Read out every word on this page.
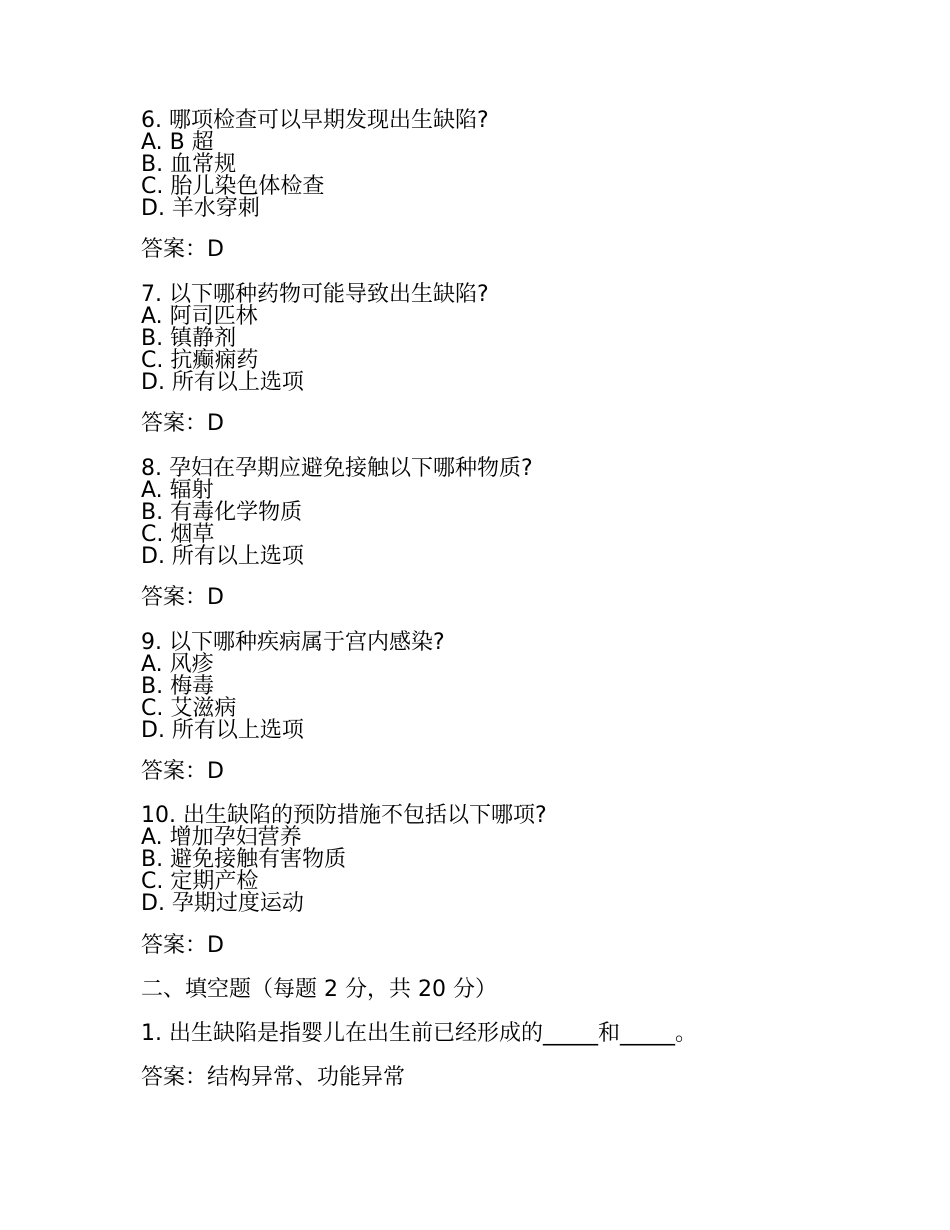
6. 哪项检查可以早期发现出生缺陷?
A. B 超
B. 血常规
C. 胎儿染色体检查
D. 羊水穿刺
答案：D
7. 以下哪种药物可能导致出生缺陷?
A. 阿司匹林
B. 镇静剂
C. 抗癫痫药
D. 所有以上选项
答案：D
8. 孕妇在孕期应避免接触以下哪种物质?
A. 辐射
B. 有毒化学物质
C. 烟草
D. 所有以上选项
答案：D
9. 以下哪种疾病属于宫内感染?
A. 风疹
B. 梅毒
C. 艾滋病
D. 所有以上选项
答案：D
10. 出生缺陷的预防措施不包括以下哪项?
A. 增加孕妇营养
B. 避免接触有害物质
C. 定期产检
D. 孕期过度运动
答案：D
二、填空题（每题 2 分，共 20 分）
1. 出生缺陷是指婴儿在出生前已经形成的_____和_____。
答案：结构异常、功能异常
